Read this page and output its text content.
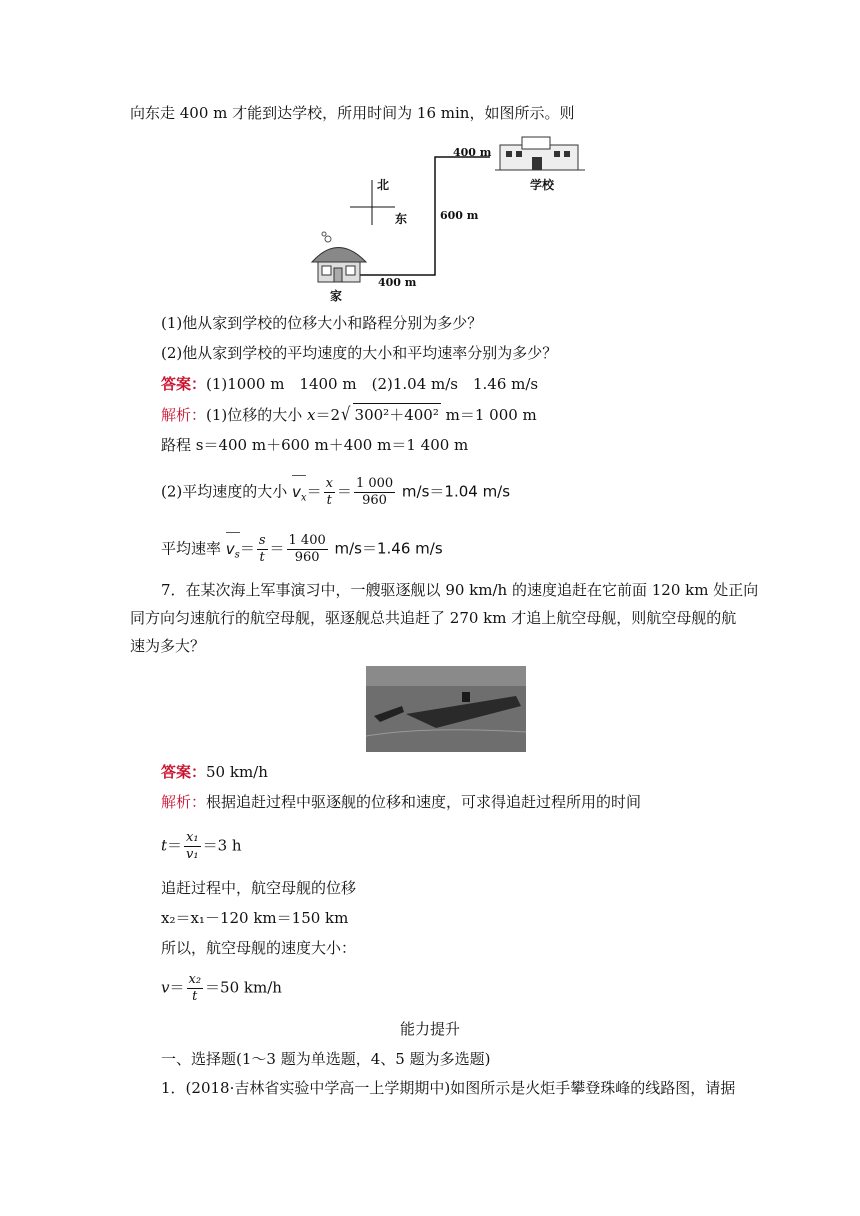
向东走 400 m 才能到达学校，所用时间为 16 min，如图所示。则
北
东
家
学校
400 m
600 m
400 m
(1)他从家到学校的位移大小和路程分别为多少？
(2)他从家到学校的平均速度的大小和平均速率分别为多少？
答案：(1)1000 m　1400 m　(2)1.04 m/s　1.46 m/s
解析：(1)位移的大小 x＝2√ 300²＋400² m＝1 000 m
路程 s＝400 m＋600 m＋400 m＝1 400 m
(2)平均速度的大小 $v_x= \frac{x}{t} = \frac{1 000}{960} m/s=1.04$ m/s
平均速率 $v_s= \frac{s}{t} = \frac{1 400}{960} m/s=1.46$ m/s
7．在某次海上军事演习中，一艘驱逐舰以 90 km/h 的速度追赶在它前面 120 km 处正向
同方向匀速航行的航空母舰，驱逐舰总共追赶了 270 km 才追上航空母舰，则航空母舰的航
速为多大？
答案：50 km/h
解析：根据追赶过程中驱逐舰的位移和速度，可求得追赶过程所用的时间
$t= \frac{\text{x₁}}{\text{v₁}} =3$ h
追赶过程中，航空母舰的位移
x₂＝x₁－120 km＝150 km
所以，航空母舰的速度大小：
$v= \frac{\text{x₂}}{t} =50$ km/h
能力提升
一、选择题(1～3 题为单选题，4、5 题为多选题)
1．(2018·吉林省实验中学高一上学期期中)如图所示是火炬手攀登珠峰的线路图，请据
